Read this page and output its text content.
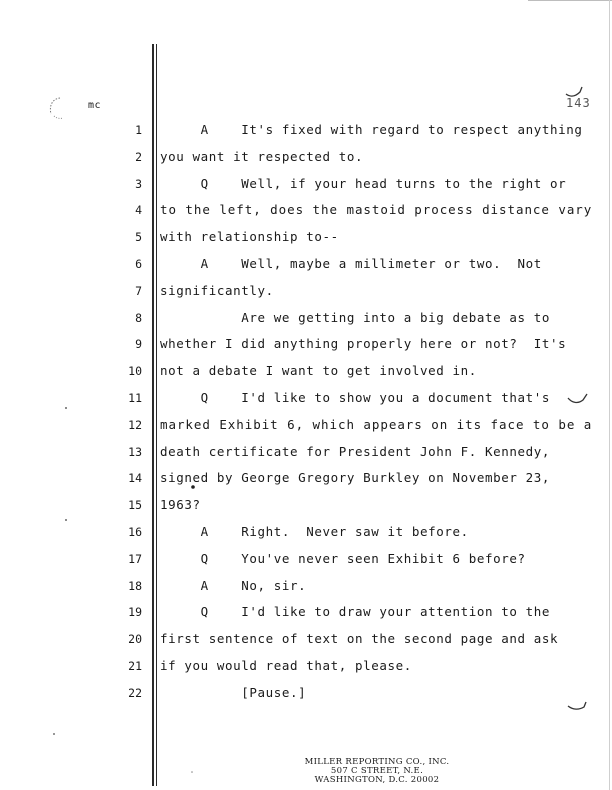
mc	143
1 A    It's fixed with regard to respect anything
2 you want it respected to.
3 Q    Well, if your head turns to the right or
4 to the left, does the mastoid process distance vary
5 with relationship to--
6 A    Well, maybe a millimeter or two.  Not
7 significantly.
8 Are we getting into a big debate as to
9 whether I did anything properly here or not?  It's
10 not a debate I want to get involved in.
11 Q    I'd like to show you a document that's
12 marked Exhibit 6, which appears on its face to be a
13 death certificate for President John F. Kennedy,
14 signed by George Gregory Burkley on November 23,
15 1963?
16 A    Right.  Never saw it before.
17 Q    You've never seen Exhibit 6 before?
18 A    No, sir.
19 Q    I'd like to draw your attention to the
20 first sentence of text on the second page and ask
21 if you would read that, please.
22 [Pause.]
MILLER REPORTING CO., INC.
507 C STREET, N.E.
WASHINGTON, D.C. 20002
